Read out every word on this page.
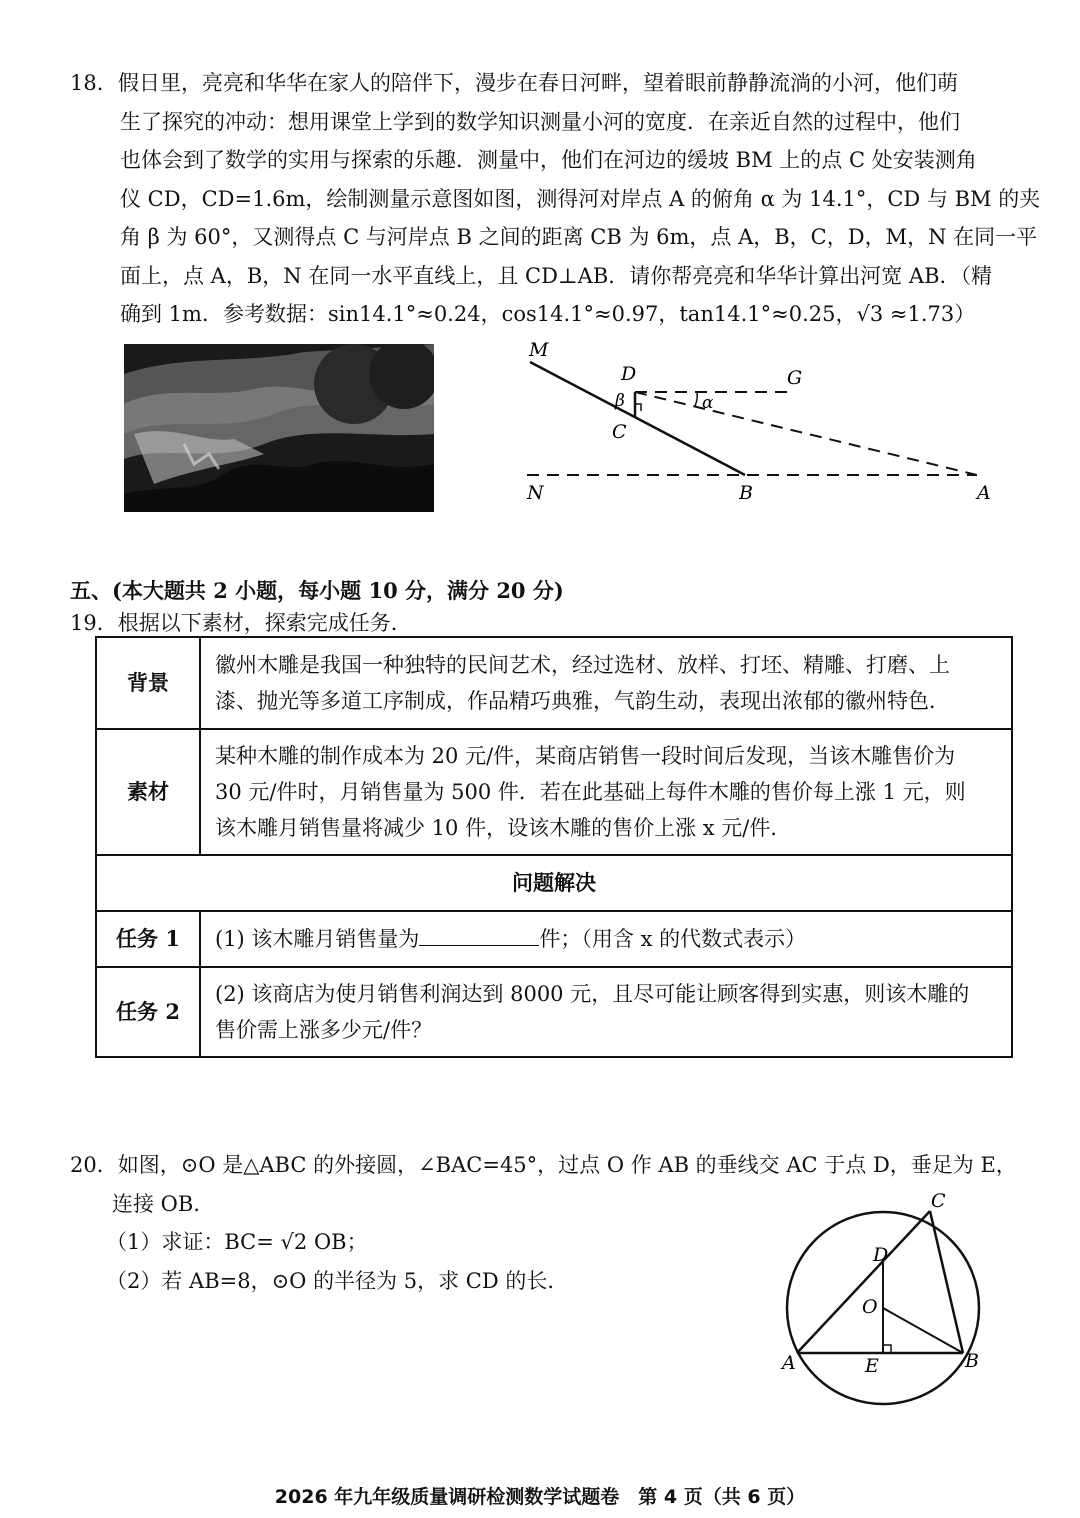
18. 假日里，亮亮和华华在家人的陪伴下，漫步在春日河畔，望着眼前静静流淌的小河，他们萌

生了探究的冲动：想用课堂上学到的数学知识测量小河的宽度．在亲近自然的过程中，他们

也体会到了数学的实用与探索的乐趣．测量中，他们在河边的缓坡 BM 上的点 C 处安装测角

仪 CD，CD=1.6m，绘制测量示意图如图，测得河对岸点 A 的俯角 α 为 14.1°，CD 与 BM 的夹

角 β 为 60°，又测得点 C 与河岸点 B 之间的距离 CB 为 6m，点 A，B，C，D，M，N 在同一平

面上，点 A，B，N 在同一水平直线上，且 CD⊥AB．请你帮亮亮和华华计算出河宽 AB．（精

确到 1m．参考数据：sin14.1°≈0.24，cos14.1°≈0.97，tan14.1°≈0.25，√3 ≈1.73）

M
D	G
β	α
C
N	B	A
五、(本大题共 2 小题，每小题 10 分，满分 20 分)
19．根据以下素材，探索完成任务．
背景	徽州木雕是我国一种独特的民间艺术，经过选材、放样、打坯、精雕、打磨、上
漆、抛光等多道工序制成，作品精巧典雅，气韵生动，表现出浓郁的徽州特色．

素材	某种木雕的制作成本为 20 元/件，某商店销售一段时间后发现，当该木雕售价为
30 元/件时，月销售量为 500 件．若在此基础上每件木雕的售价每上涨 1 元，则
该木雕月销售量将减少 10 件，设该木雕的售价上涨 x 元/件．

问题解决	
任务 1	(1) 该木雕月销售量为 件；（用含 x 的代数式表示）
任务 2	(2) 该商店为使月销售利润达到 8000 元，且尽可能让顾客得到实惠，则该木雕的
售价需上涨多少元/件？

20．如图，⊙O 是△ABC 的外接圆，∠BAC=45°，过点 O 作 AB 的垂线交 AC 于点 D，垂足为 E，

连接 OB．

（1）求证：BC= √2 OB；

（2）若 AB=8，⊙O 的半径为 5，求 CD 的长．

C
D
O
A	E	B
2026 年九年级质量调研检测数学试题卷　第 4 页（共 6 页）
